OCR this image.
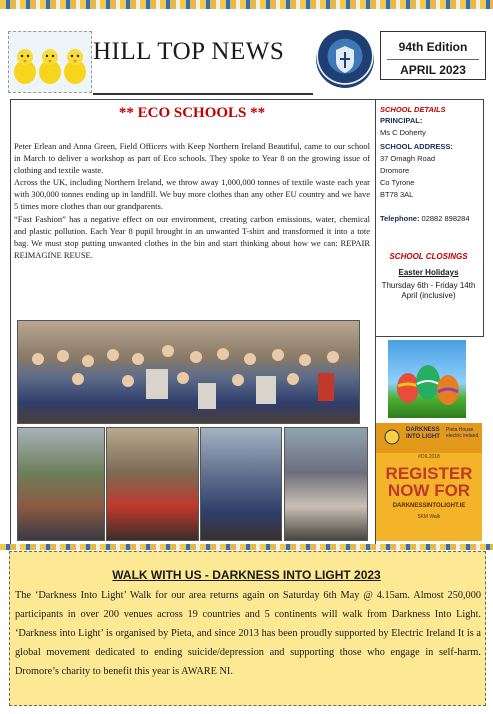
HILL TOP NEWS	94th Edition
APRIL 2023
** ECO SCHOOLS **

Peter Erlean and Anna Green, Field Officers with Keep Northern Ireland Beautiful, came to our school in March to deliver a workshop as part of Eco schools. They spoke to Year 8 on the growing issue of clothing and textile waste.

Across the UK, including Northern Ireland, we throw away 1,000,000 tonnes of textile waste each year with 300,000 tonnes ending up in landfill. We buy more clothes than any other EU country and we have 5 times more clothes than our grandparents.

“Fast Fashion” has a negative effect on our environment, creating carbon emissions, water, chemical and plastic pollution. Each Year 8 pupil brought in an unwanted T-shirt and transformed it into a tote bag. We must stop putting unwanted clothes in the bin and start thinking about how we can: REPAIR REIMAGINE REUSE.

SCHOOL DETAILS
PRINCIPAL:
Ms C Doherty
SCHOOL ADDRESS:
37 Omagh Road
Dromore
Co Tyrone
BT78 3AL
Telephone: 02882 898284
SCHOOL CLOSINGS
Easter Holidays
Thursday 6th - Friday 14th April (inclusive)
DARKNESS INTO LIGHT
Pieta House electric ireland
#DIL2018
REGISTER NOW FOR
DARKNESSINTOLIGHT.IE
5KM Walk
WALK WITH US - DARKNESS INTO LIGHT 2023
The ‘Darkness Into Light’ Walk for our area returns again on Saturday 6th May @ 4.15am. Almost 250,000 participants in over 200 venues across 19 countries and 5 continents will walk from Darkness Into Light. ‘Darkness into Light’ is organised by Pieta, and since 2013 has been proudly supported by Electric Ireland It is a global movement dedicated to ending suicide/depression and supporting those who engage in self-harm. Dromore’s charity to benefit this year is AWARE NI.
